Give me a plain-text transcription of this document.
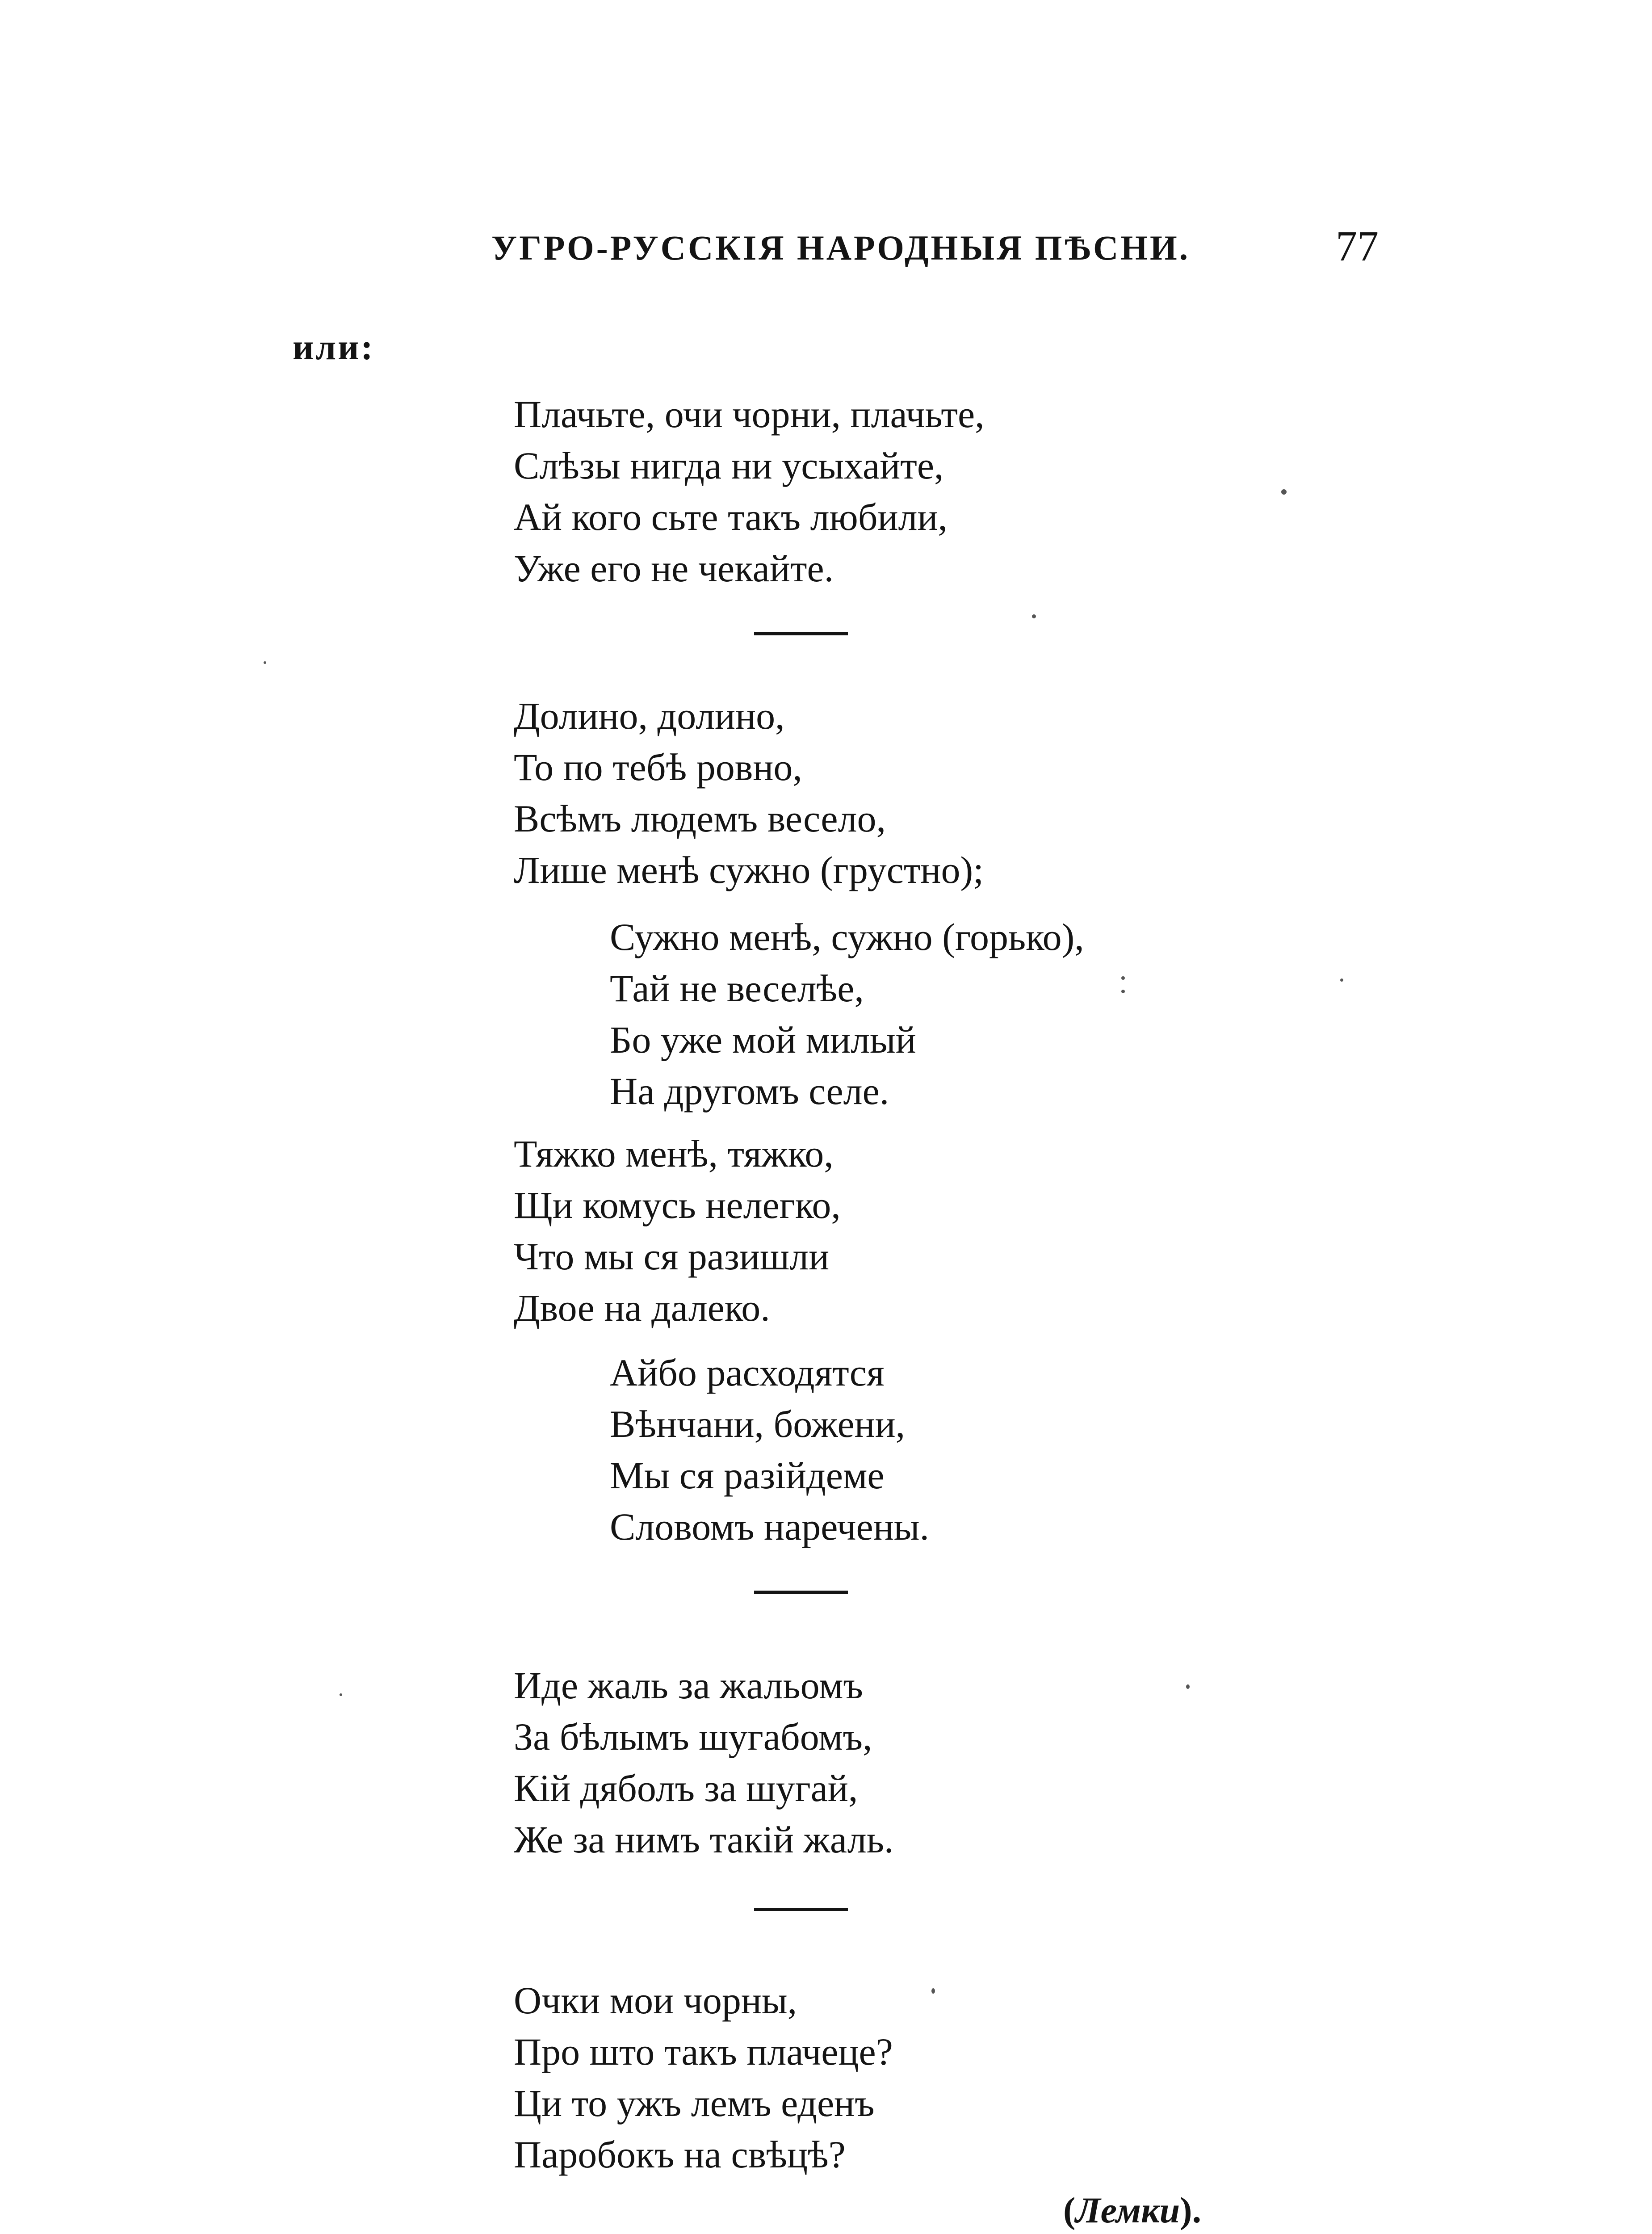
УГРО-РУССКІЯ НАРОДНЫЯ ПѢСНИ.	77
или:
Плачьте, очи чорни, плачьте,
Слѣзы нигда ни усыхайте,
Ай кого сьте такъ любили,
Уже его не чекайте.
Долино, долино,
То по тебѣ ровно,
Всѣмъ людемъ весело,
Лише менѣ сужно (грустно);
Сужно менѣ, сужно (горько),
Тай не веселѣе,
Бо уже мой милый
На другомъ селе.
Тяжко менѣ, тяжко,
Щи комусь нелегко,
Что мы ся разишли
Двое на далеко.
Айбо расходятся
Вѣнчани, божени,
Мы ся разійдеме
Словомъ наречены.
Иде жаль за жальомъ
За бѣлымъ шугабомъ,
Кій дяболъ за шугай,
Же за нимъ такій жаль.
Очки мои чорны,
Про што такъ плачеце?
Ци то ужъ лемъ еденъ
Паробокъ на свѣцѣ?
(Лемки).
